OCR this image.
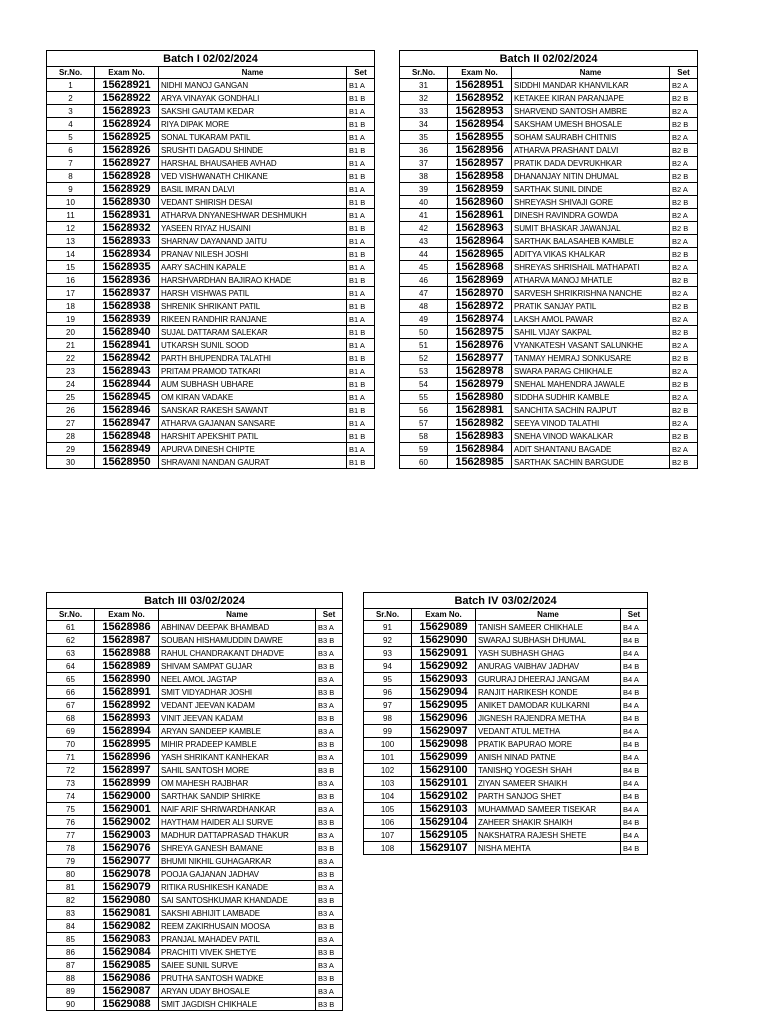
Batch I 02/02/2024			
Sr.No.	Exam No.	Name	Set
1	15628921	NIDHI MANOJ GANGAN	B1 A
2	15628922	ARYA VINAYAK GONDHALI	B1 B
3	15628923	SAKSHI GAUTAM KEDAR	B1 A
4	15628924	RIYA DIPAK MORE	B1 B
5	15628925	SONAL TUKARAM PATIL	B1 A
6	15628926	SRUSHTI DAGADU SHINDE	B1 B
7	15628927	HARSHAL BHAUSAHEB AVHAD	B1 A
8	15628928	VED VISHWANATH CHIKANE	B1 B
9	15628929	BASIL IMRAN DALVI	B1 A
10	15628930	VEDANT SHIRISH DESAI	B1 B
11	15628931	ATHARVA DNYANESHWAR DESHMUKH	B1 A
12	15628932	YASEEN RIYAZ HUSAINI	B1 B
13	15628933	SHARNAV DAYANAND JAITU	B1 A
14	15628934	PRANAV NILESH JOSHI	B1 B
15	15628935	AARY SACHIN KAPALE	B1 A
16	15628936	HARSHVARDHAN BAJIRAO KHADE	B1 B
17	15628937	HARSH VISHWAS PATIL	B1 A
18	15628938	SHRENIK SHRIKANT PATIL	B1 B
19	15628939	RIKEEN RANDHIR RANJANE	B1 A
20	15628940	SUJAL DATTARAM SALEKAR	B1 B
21	15628941	UTKARSH SUNIL SOOD	B1 A
22	15628942	PARTH BHUPENDRA TALATHI	B1 B
23	15628943	PRITAM PRAMOD TATKARI	B1 A
24	15628944	AUM SUBHASH UBHARE	B1 B
25	15628945	OM KIRAN VADAKE	B1 A
26	15628946	SANSKAR RAKESH SAWANT	B1 B
27	15628947	ATHARVA GAJANAN SANSARE	B1 A
28	15628948	HARSHIT APEKSHIT PATIL	B1 B
29	15628949	APURVA DINESH CHIPTE	B1 A
30	15628950	SHRAVANI NANDAN GAURAT	B1 B
Batch II 02/02/2024			
Sr.No.	Exam No.	Name	Set
31	15628951	SIDDHI MANDAR KHANVILKAR	B2 A
32	15628952	KETAKEE KIRAN PARANJAPE	B2 B
33	15628953	SHARVEND SANTOSH AMBRE	B2 A
34	15628954	SAKSHAM UMESH BHOSALE	B2 B
35	15628955	SOHAM SAURABH CHITNIS	B2 A
36	15628956	ATHARVA PRASHANT DALVI	B2 B
37	15628957	PRATIK DADA DEVRUKHKAR	B2 A
38	15628958	DHANANJAY NITIN DHUMAL	B2 B
39	15628959	SARTHAK SUNIL DINDE	B2 A
40	15628960	SHREYASH SHIVAJI GORE	B2 B
41	15628961	DINESH RAVINDRA GOWDA	B2 A
42	15628963	SUMIT BHASKAR JAWANJAL	B2 B
43	15628964	SARTHAK BALASAHEB KAMBLE	B2 A
44	15628965	ADITYA VIKAS KHALKAR	B2 B
45	15628968	SHREYAS SHRISHAIL MATHAPATI	B2 A
46	15628969	ATHARVA MANOJ MHATLE	B2 B
47	15628970	SARVESH SHRIKRISHNA NANCHE	B2 A
48	15628972	PRATIK SANJAY PATIL	B2 B
49	15628974	LAKSH AMOL PAWAR	B2 A
50	15628975	SAHIL VIJAY SAKPAL	B2 B
51	15628976	VYANKATESH VASANT SALUNKHE	B2 A
52	15628977	TANMAY HEMRAJ SONKUSARE	B2 B
53	15628978	SWARA PARAG CHIKHALE	B2 A
54	15628979	SNEHAL MAHENDRA JAWALE	B2 B
55	15628980	SIDDHA SUDHIR KAMBLE	B2 A
56	15628981	SANCHITA SACHIN RAJPUT	B2 B
57	15628982	SEEYA VINOD TALATHI	B2 A
58	15628983	SNEHA VINOD WAKALKAR	B2 B
59	15628984	ADIT SHANTANU BAGADE	B2 A
60	15628985	SARTHAK SACHIN BARGUDE	B2 B
Batch III 03/02/2024			
Sr.No.	Exam No.	Name	Set
61	15628986	ABHINAV DEEPAK BHAMBAD	B3 A
62	15628987	SOUBAN HISHAMUDDIN DAWRE	B3 B
63	15628988	RAHUL CHANDRAKANT DHADVE	B3 A
64	15628989	SHIVAM SAMPAT GUJAR	B3 B
65	15628990	NEEL AMOL JAGTAP	B3 A
66	15628991	SMIT VIDYADHAR JOSHI	B3 B
67	15628992	VEDANT JEEVAN KADAM	B3 A
68	15628993	VINIT JEEVAN KADAM	B3 B
69	15628994	ARYAN SANDEEP KAMBLE	B3 A
70	15628995	MIHIR PRADEEP KAMBLE	B3 B
71	15628996	YASH SHRIKANT KANHEKAR	B3 A
72	15628997	SAHIL SANTOSH MORE	B3 B
73	15628999	OM MAHESH RAJBHAR	B3 A
74	15629000	SARTHAK SANDIP SHIRKE	B3 B
75	15629001	NAIF ARIF SHRIWARDHANKAR	B3 A
76	15629002	HAYTHAM HAIDER ALI SURVE	B3 B
77	15629003	MADHUR DATTAPRASAD THAKUR	B3 A
78	15629076	SHREYA GANESH BAMANE	B3 B
79	15629077	BHUMI NIKHIL GUHAGARKAR	B3 A
80	15629078	POOJA GAJANAN JADHAV	B3 B
81	15629079	RITIKA RUSHIKESH KANADE	B3 A
82	15629080	SAI SANTOSHKUMAR KHANDADE	B3 B
83	15629081	SAKSHI ABHIJIT LAMBADE	B3 A
84	15629082	REEM ZAKIRHUSAIN MOOSA	B3 B
85	15629083	PRANJAL MAHADEV PATIL	B3 A
86	15629084	PRACHITI VIVEK SHETYE	B3 B
87	15629085	SAIEE SUNIL SURVE	B3 A
88	15629086	PRUTHA SANTOSH WADKE	B3 B
89	15629087	ARYAN UDAY BHOSALE	B3 A
90	15629088	SMIT JAGDISH CHIKHALE	B3 B
Batch IV 03/02/2024			
Sr.No.	Exam No.	Name	Set
91	15629089	TANISH SAMEER CHIKHALE	B4 A
92	15629090	SWARAJ SUBHASH DHUMAL	B4 B
93	15629091	YASH SUBHASH GHAG	B4 A
94	15629092	ANURAG VAIBHAV JADHAV	B4 B
95	15629093	GURURAJ DHEERAJ JANGAM	B4 A
96	15629094	RANJIT HARIKESH KONDE	B4 B
97	15629095	ANIKET DAMODAR KULKARNI	B4 A
98	15629096	JIGNESH RAJENDRA METHA	B4 B
99	15629097	VEDANT ATUL METHA	B4 A
100	15629098	PRATIK BAPURAO MORE	B4 B
101	15629099	ANISH NINAD PATNE	B4 A
102	15629100	TANISHQ YOGESH SHAH	B4 B
103	15629101	ZIYAN SAMEER SHAIKH	B4 A
104	15629102	PARTH SANJOG SHET	B4 B
105	15629103	MUHAMMAD SAMEER TISEKAR	B4 A
106	15629104	ZAHEER SHAKIR SHAIKH	B4 B
107	15629105	NAKSHATRA RAJESH SHETE	B4 A
108	15629107	NISHA MEHTA	B4 B
